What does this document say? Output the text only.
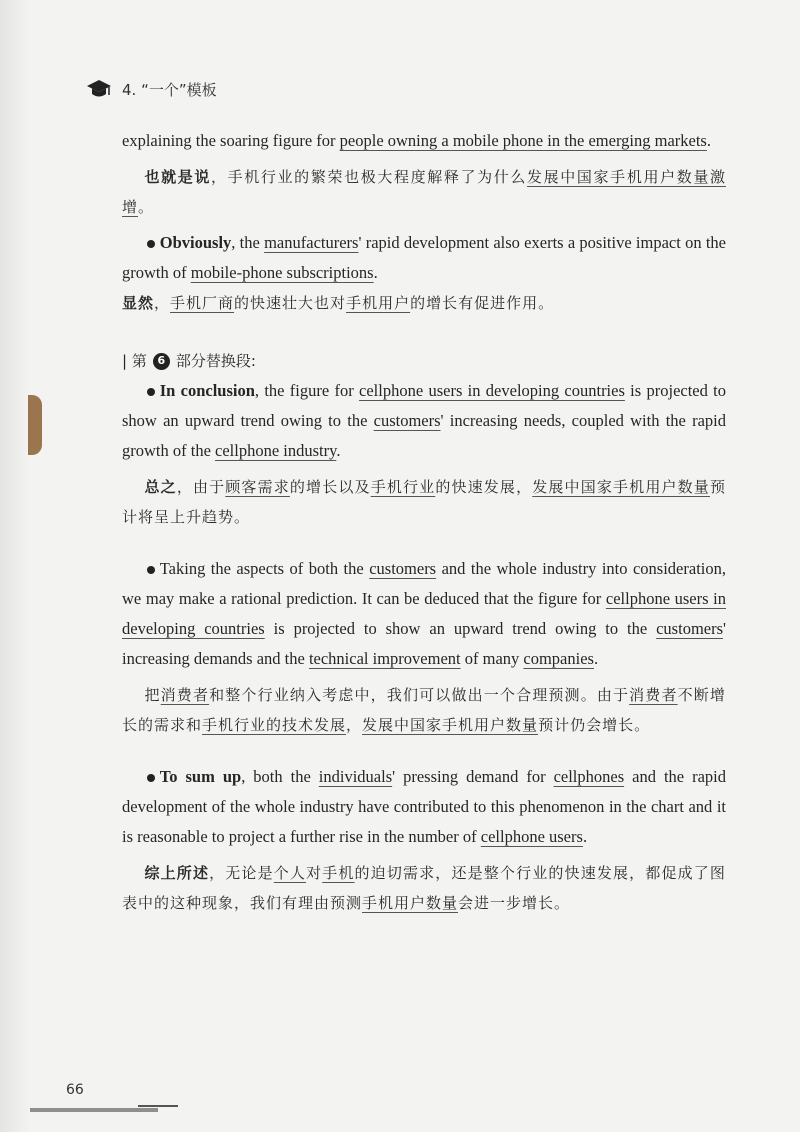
4. “一个”模板

explaining the soaring figure for people owning a mobile phone in the emerging markets.

也就是说，手机行业的繁荣也极大程度解释了为什么发展中国家手机用户数量激增。

Obviously, the manufacturers' rapid development also exerts a positive impact on the growth of mobile-phone subscriptions.

显然，手机厂商的快速壮大也对手机用户的增长有促进作用。

| 第 6 部分替换段:

In conclusion, the figure for cellphone users in developing countries is projected to show an upward trend owing to the customers' increasing needs, coupled with the rapid growth of the cellphone industry.

总之，由于顾客需求的增长以及手机行业的快速发展，发展中国家手机用户数量预计将呈上升趋势。

Taking the aspects of both the customers and the whole industry into consideration, we may make a rational prediction. It can be deduced that the figure for cellphone users in developing countries is projected to show an upward trend owing to the customers' increasing demands and the technical improvement of many companies.

把消费者和整个行业纳入考虑中，我们可以做出一个合理预测。由于消费者不断增长的需求和手机行业的技术发展，发展中国家手机用户数量预计仍会增长。

To sum up, both the individuals' pressing demand for cellphones and the rapid development of the whole industry have contributed to this phenomenon in the chart and it is reasonable to project a further rise in the number of cellphone users.

综上所述，无论是个人对手机的迫切需求，还是整个行业的快速发展，都促成了图表中的这种现象，我们有理由预测手机用户数量会进一步增长。

66
